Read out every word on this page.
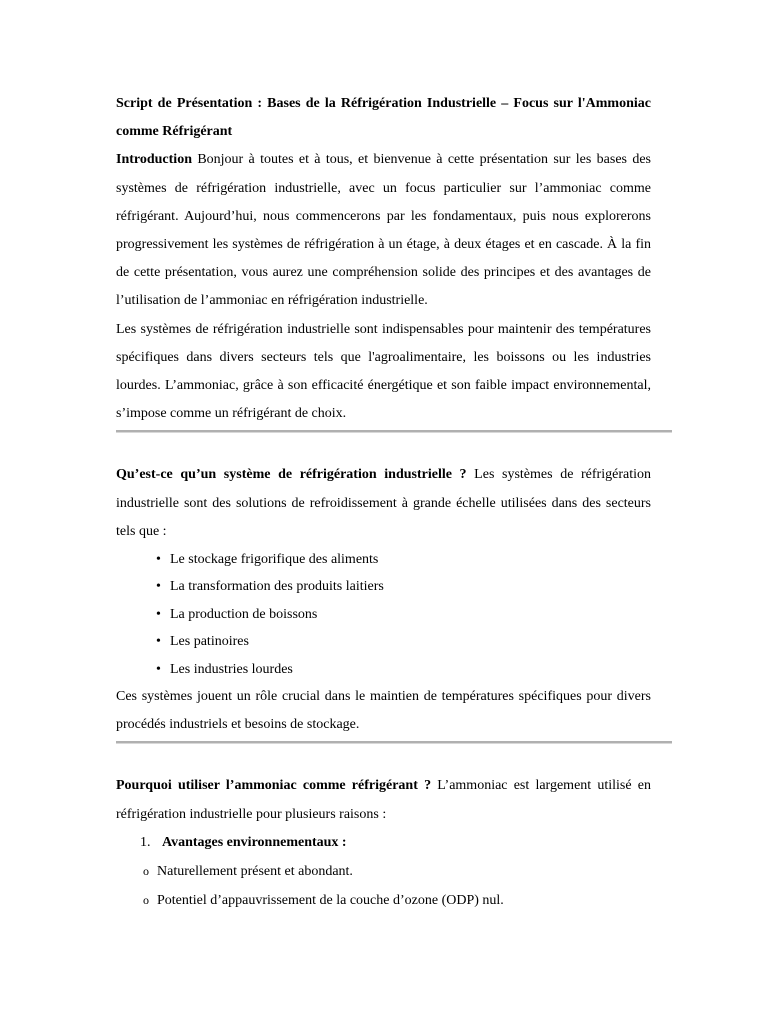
Script de Présentation : Bases de la Réfrigération Industrielle – Focus sur l'Ammoniac comme Réfrigérant

Introduction Bonjour à toutes et à tous, et bienvenue à cette présentation sur les bases des systèmes de réfrigération industrielle, avec un focus particulier sur l’ammoniac comme réfrigérant. Aujourd’hui, nous commencerons par les fondamentaux, puis nous explorerons progressivement les systèmes de réfrigération à un étage, à deux étages et en cascade. À la fin de cette présentation, vous aurez une compréhension solide des principes et des avantages de l’utilisation de l’ammoniac en réfrigération industrielle.

Les systèmes de réfrigération industrielle sont indispensables pour maintenir des températures spécifiques dans divers secteurs tels que l'agroalimentaire, les boissons ou les industries lourdes. L’ammoniac, grâce à son efficacité énergétique et son faible impact environnemental, s’impose comme un réfrigérant de choix.

Qu’est-ce qu’un système de réfrigération industrielle ? Les systèmes de réfrigération industrielle sont des solutions de refroidissement à grande échelle utilisées dans des secteurs tels que :

• Le stockage frigorifique des aliments
• La transformation des produits laitiers
• La production de boissons
• Les patinoires
• Les industries lourdes

Ces systèmes jouent un rôle crucial dans le maintien de températures spécifiques pour divers procédés industriels et besoins de stockage.

Pourquoi utiliser l’ammoniac comme réfrigérant ? L’ammoniac est largement utilisé en réfrigération industrielle pour plusieurs raisons :

1. Avantages environnementaux :
o Naturellement présent et abondant.
o Potentiel d’appauvrissement de la couche d’ozone (ODP) nul.
